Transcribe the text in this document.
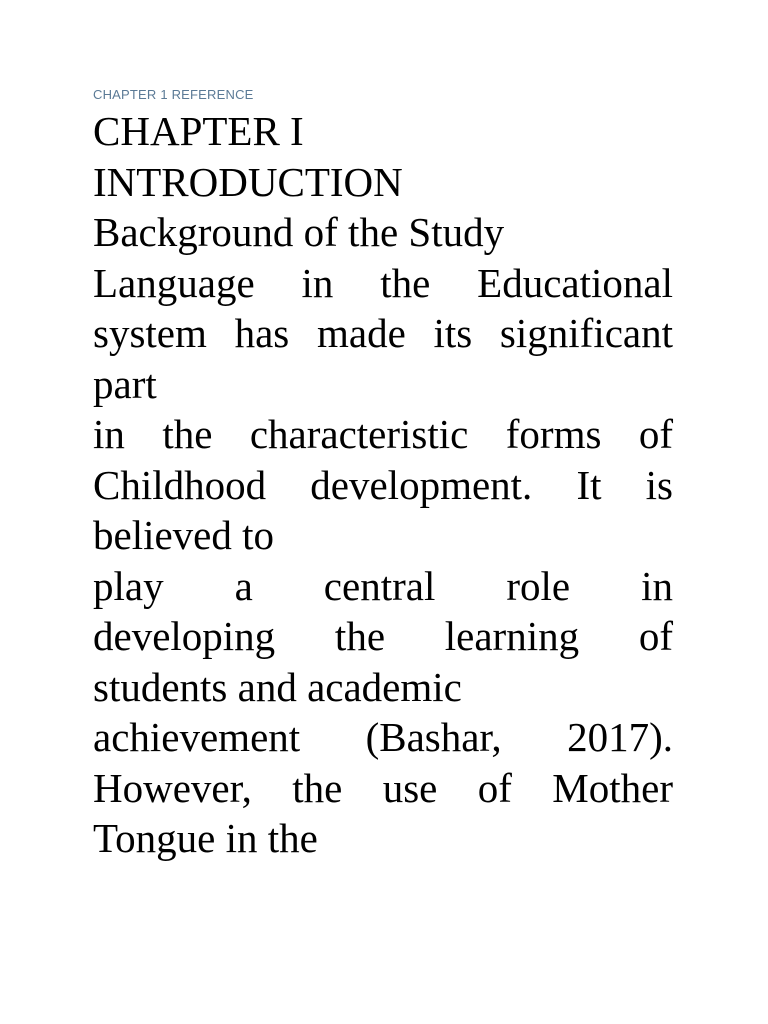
CHAPTER 1 REFERENCE
CHAPTER I
INTRODUCTION
Background of the Study
Language in the Educational
system has made its significant
part
in the characteristic forms of
Childhood development. It is
believed to
play a central role in
developing the learning of
students and academic
achievement (Bashar, 2017).
However, the use of Mother
Tongue in the
